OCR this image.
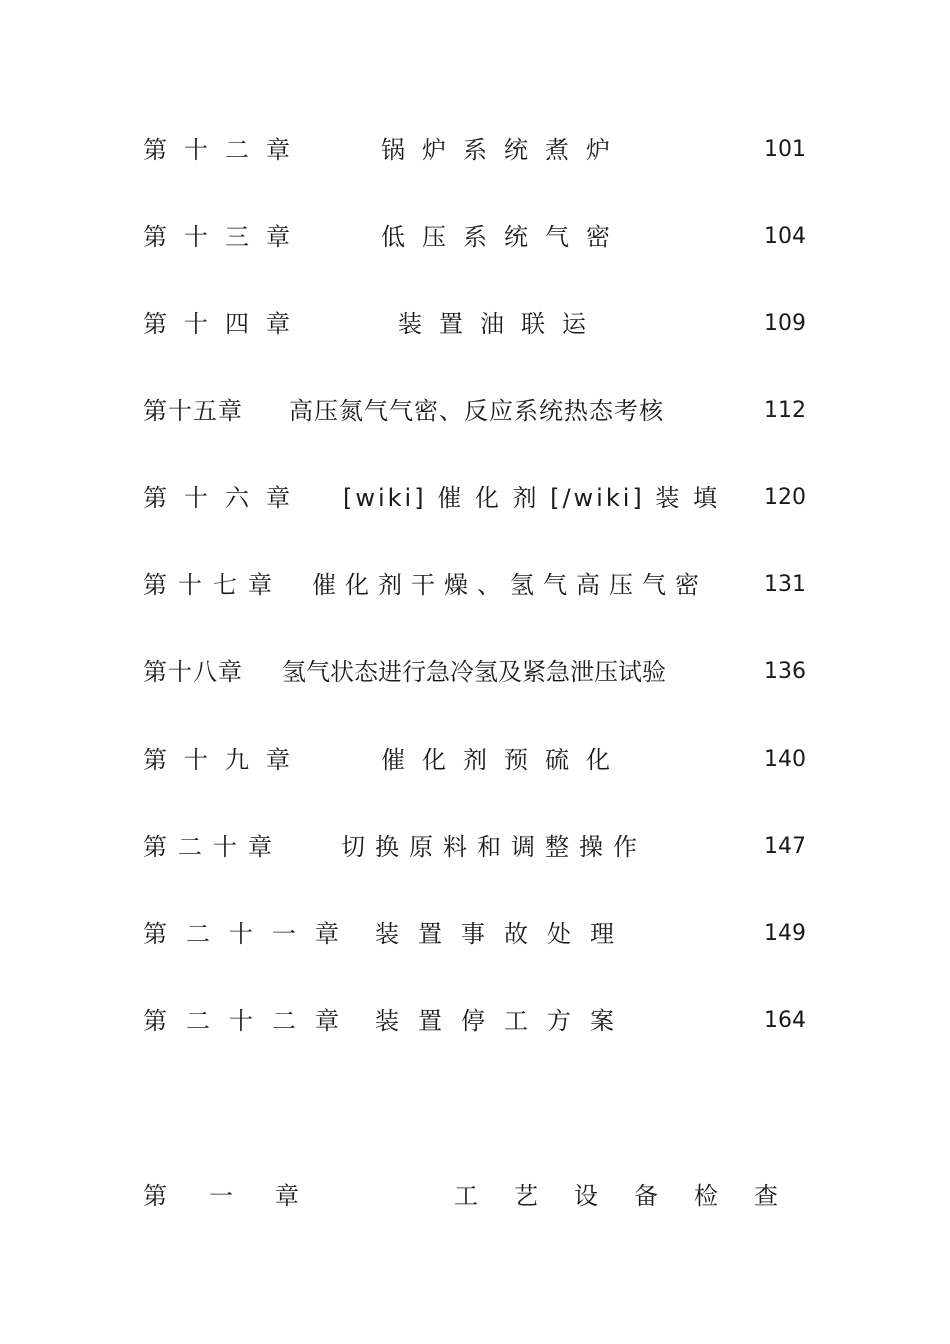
第十二章	锅炉系统煮炉	101
第十三章	低压系统气密	104
第十四章	装置油联运	109
第十五章 高压氮气气密、反应系统热态考核	112
第十六章 [wiki] 催 化 剂 [/wiki] 装 填 120
第十七章 催化剂干燥、氢气高压气密	131
第十八章 氢气状态进行急冷氢及紧急泄压试验	136
第十九章	催化剂预硫化	140
第二十章 切换原料和调整操作	147
第二十一章 装置事故处理	149
第二十二章 装置停工方案	164
第一章	工艺设备检查
